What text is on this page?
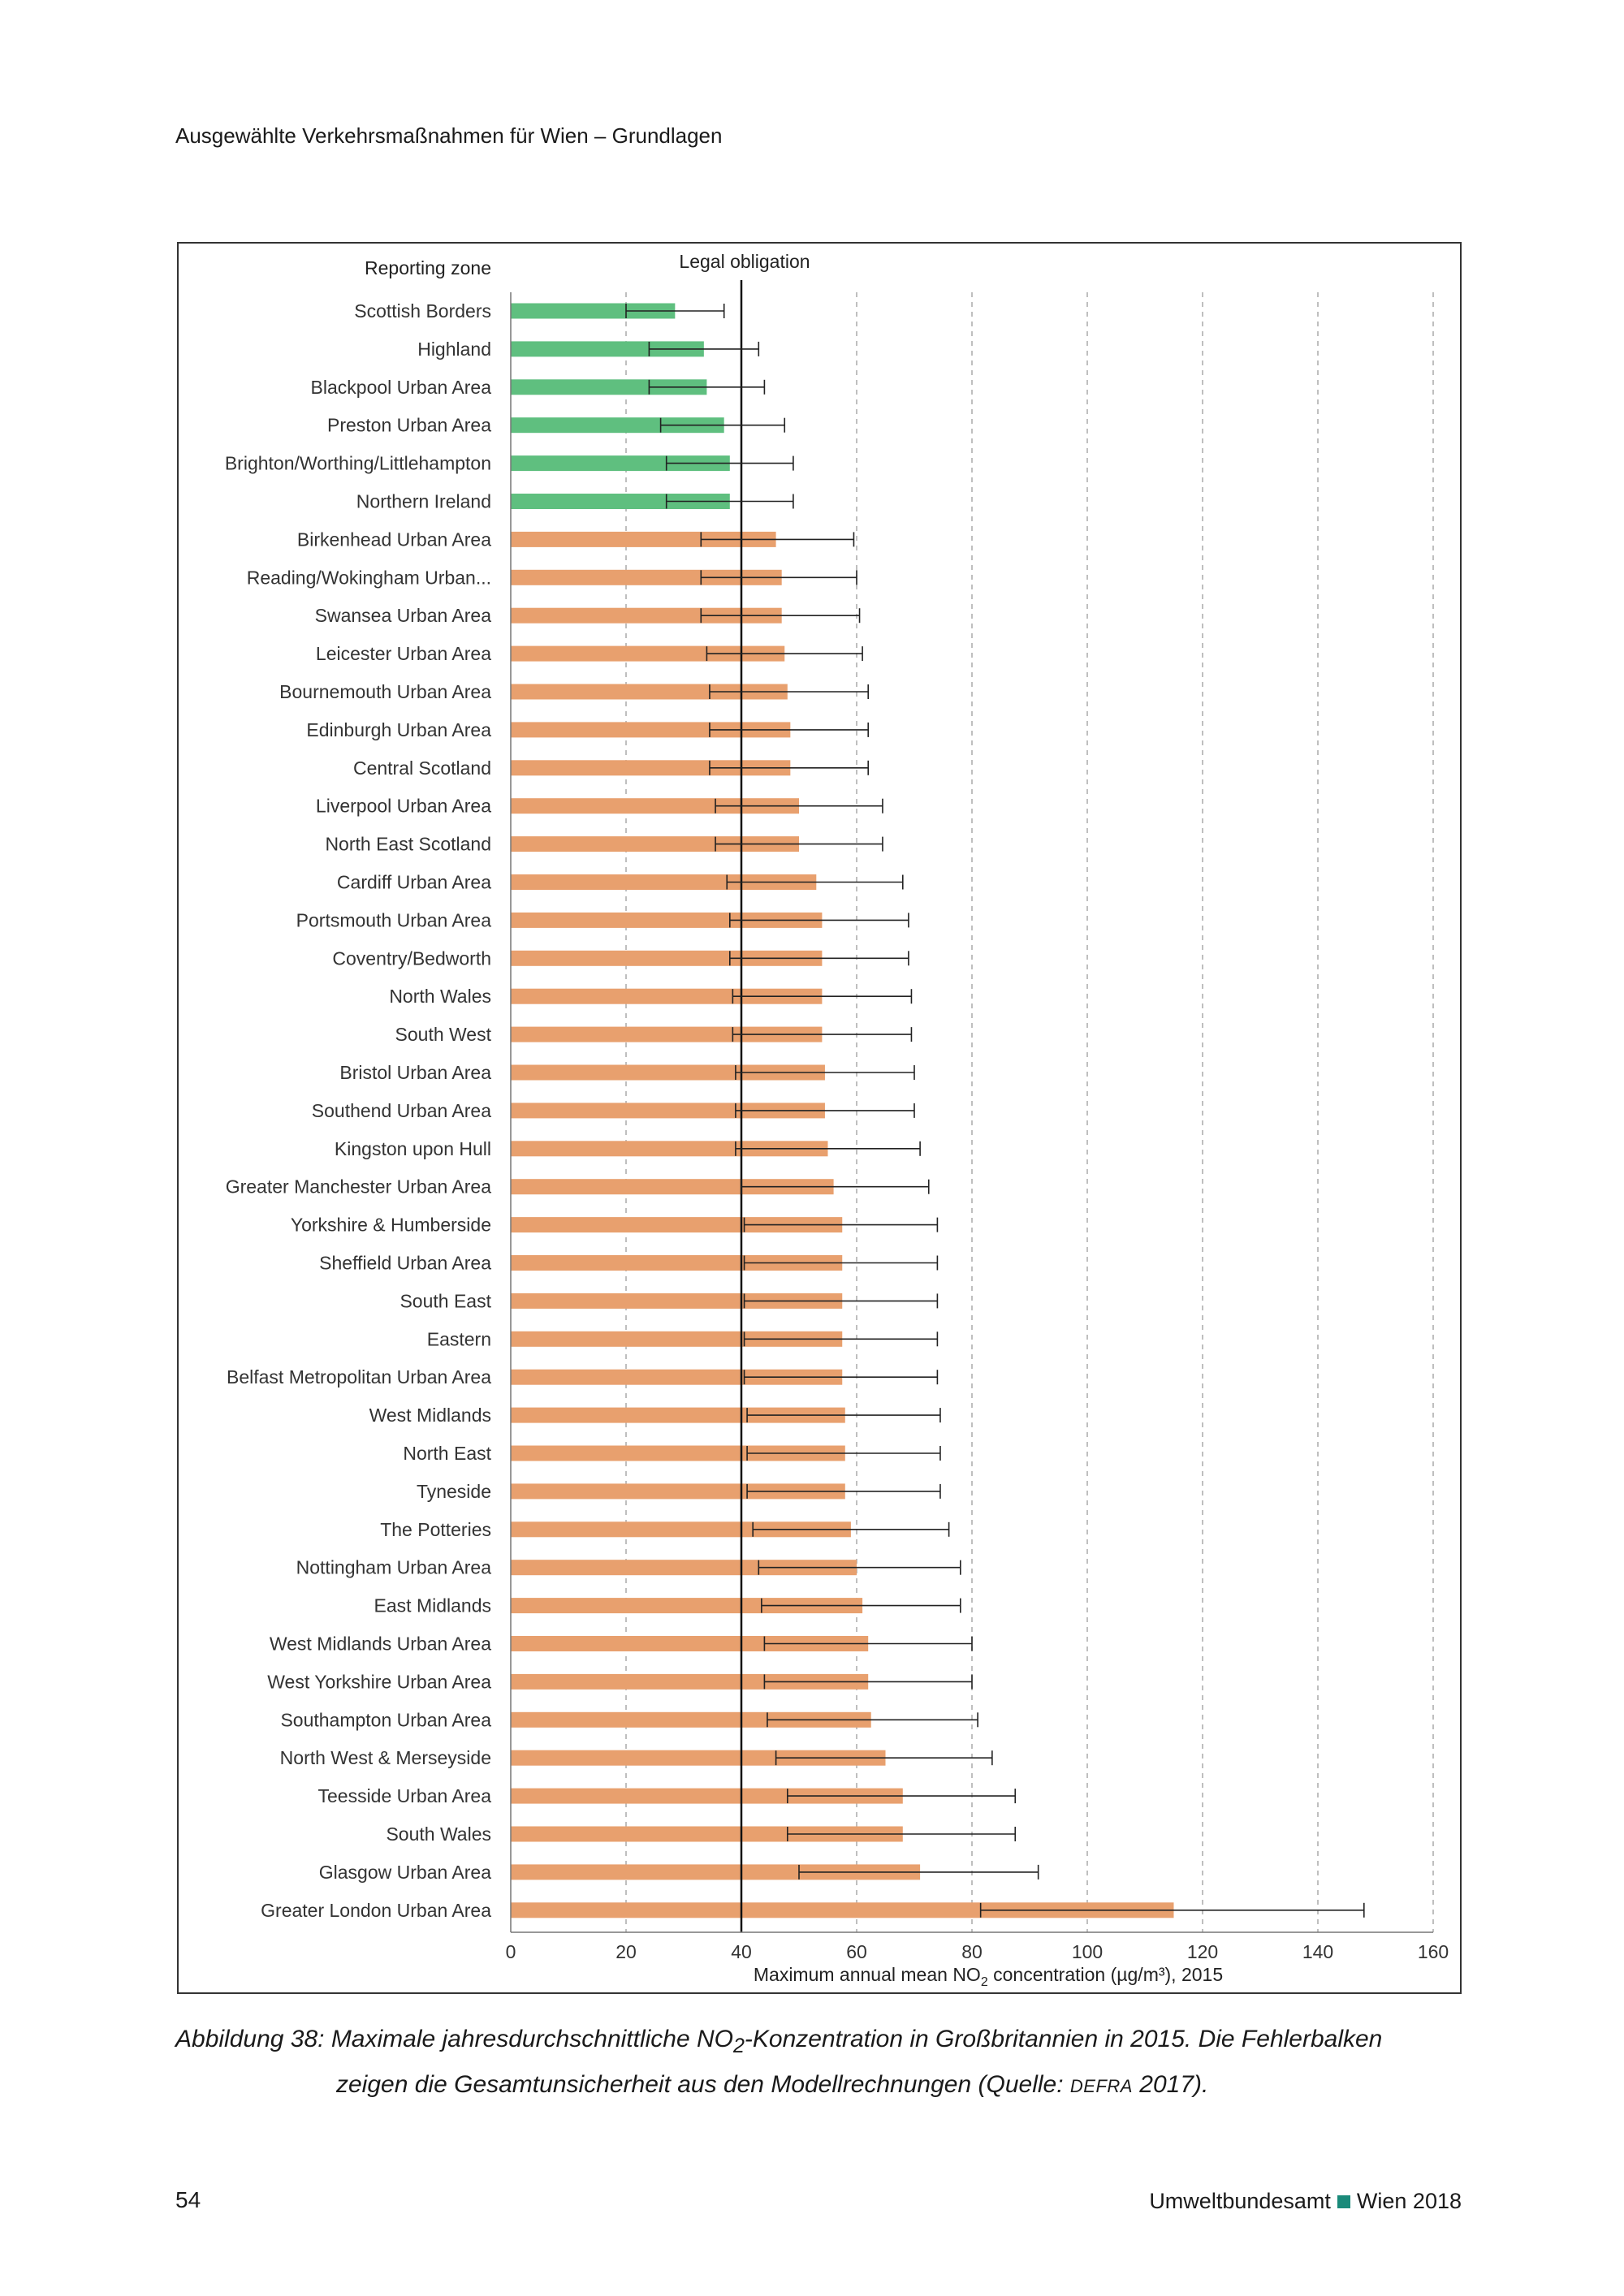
Ausgewählte Verkehrsmaßnahmen für Wien – Grundlagen
Scottish Borders
Highland
Blackpool Urban Area
Preston Urban Area
Brighton/Worthing/Littlehampton
Northern Ireland
Birkenhead Urban Area
Reading/Wokingham Urban...
Swansea Urban Area
Leicester Urban Area
Bournemouth Urban Area
Edinburgh Urban Area
Central Scotland
Liverpool Urban Area
North East Scotland
Cardiff Urban Area
Portsmouth Urban Area
Coventry/Bedworth
North Wales
South West
Bristol Urban Area
Southend Urban Area
Kingston upon Hull
Greater Manchester Urban Area
Yorkshire & Humberside
Sheffield Urban Area
South East
Eastern
Belfast Metropolitan Urban Area
West Midlands
North East
Tyneside
The Potteries
Nottingham Urban Area
East Midlands
West Midlands Urban Area
West Yorkshire Urban Area
Southampton Urban Area
North West & Merseyside
Teesside Urban Area
South Wales
Glasgow Urban Area
Greater London Urban Area
0	20	40	60	80	100	120	140	160
Reporting zone	Legal obligation
Maximum annual mean $NO_2$ concentration (µg/m³), 2015
Abbildung 38: Maximale jahresdurchschnittliche $NO_2$-Konzentration in Großbritannien in 2015. Die Fehlerbalken
zeigen die Gesamtunsicherheit aus den Modellrechnungen (Quelle: DEFRA 2017).
54	Umweltbundesamt Wien 2018
